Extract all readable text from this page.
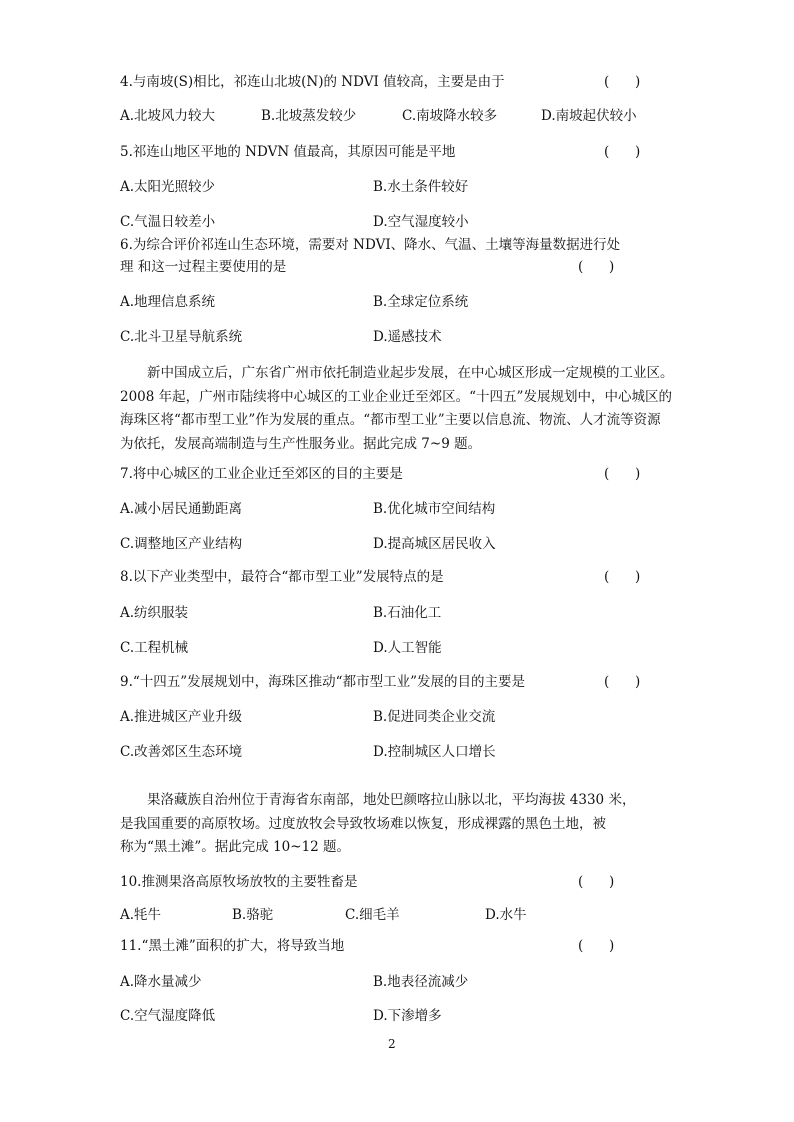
4.与南坡(S)相比，祁连山北坡(N)的 NDVI 值较高，主要是由于	(      )
A.北坡风力较大	B.北坡蒸发较少	C.南坡降水较多	D.南坡起伏较小
5.祁连山地区平地的 NDVN 值最高，其原因可能是平地	(      )
A.太阳光照较少	B.水土条件较好
C.气温日较差小	D.空气湿度较小
6.为综合评价祁连山生态环境，需要对 NDVI、降水、气温、土壤等海量数据进行处
理 和这一过程主要使用的是	(      )
A.地理信息系统	B.全球定位系统
C.北斗卫星导航系统	D.遥感技术
新中国成立后，广东省广州市依托制造业起步发展，在中心城区形成一定规模的工业区。
2008 年起，广州市陆续将中心城区的工业企业迁至郊区。“十四五”发展规划中，中心城区的
海珠区将“都市型工业”作为发展的重点。“都市型工业”主要以信息流、物流、人才流等资源
为依托，发展高端制造与生产性服务业。据此完成 7~9 题。
7.将中心城区的工业企业迁至郊区的目的主要是	(      )
A.减小居民通勤距离	B.优化城市空间结构
C.调整地区产业结构	D.提高城区居民收入
8.以下产业类型中，最符合“都市型工业”发展特点的是	(      )
A.纺织服装	B.石油化工
C.工程机械	D.人工智能
9.“十四五”发展规划中，海珠区推动“都市型工业”发展的目的主要是	(      )
A.推进城区产业升级	B.促进同类企业交流
C.改善郊区生态环境	D.控制城区人口增长
果洛藏族自治州位于青海省东南部，地处巴颜喀拉山脉以北，平均海拔 4330 米，
是我国重要的高原牧场。过度放牧会导致牧场难以恢复，形成裸露的黑色土地，被
称为“黑土滩”。据此完成 10~12 题。
10.推测果洛高原牧场放牧的主要牲畜是	(      )
A.牦牛	B.骆驼	C.细毛羊	D.水牛
11.“黑土滩”面积的扩大，将导致当地	(      )
A.降水量减少	B.地表径流减少
C.空气湿度降低	D.下渗增多
2
